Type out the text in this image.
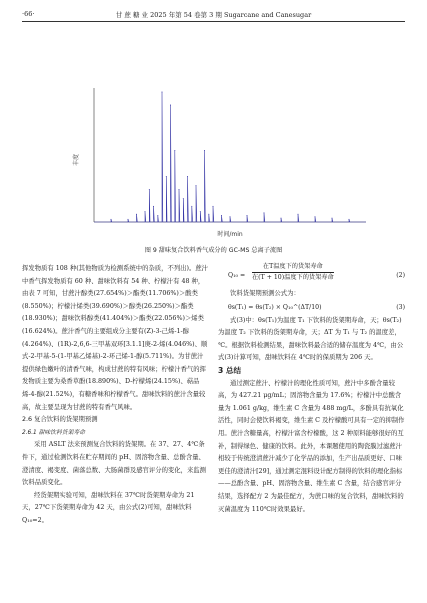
·66·	甘 蔗 糖 业 2025 年第 54 卷第 3 期 Sugarcane and Canesugar
丰度
时间/min
图 9 甜味复合饮料香气成分的 GC-MS 总离子流图

挥发物质有 108 种(其他物质为检测系统中的杂质，不列出)。蔗汁中香气挥发物质有 60 种、甜味饮料有 54 种、柠檬汁有 48 种，由表 7 可知，甘蔗汁醇类(27.654%)＞酯类(11.706%)＞酸类(8.550%)；柠檬汁烯类(39.690%)＞醇类(26.250%)＞酯类(18.930%)；甜味饮料醇类(41.404%)＞酯类(22.056%)＞烯类(16.624%)。蔗汁香气的主要组成分主要有(Z)-3-己烯-1-醇(4.264%)、(1R)-2,6,6-三甲基双环[3.1.1]庚-2-烯(4.046%)、顺式-2-甲基-5-(1-甲基乙烯基)-2-环己烯-1-醇(5.711%)。为甘蔗汁提供绿色嫩叶的清香气味，构成甘蔗的特有风味；柠檬汁香气的挥发物质主要为桑香草酚(18.890%)、D-柠檬烯(24.15%)、萜品烯-4-醇(21.52%)，有糖香味和柠檬香气。甜味饮料的蔗汁含量较高，故主要呈现为甘蔗的特有香气风味。

2.6 复合饮料的货架期预测

2.6.1 甜味饮料货架寿命

采用 ASLT 法来预测复合饮料的货架期。在 37、27、4℃条件下，通过检测饮料在贮存期间的 pH、固溶物含量、总酚含量、澄清度、褐变度、菌落总数、大肠菌群及感官评分的变化，来监测饮料品质变化。

经货架期实验可知，甜味饮料在 37℃时货架期寿命为 21 天，27℃下货架期寿命为 42 天，由公式(2)可知，甜味饮料 Q₁₀=2。

Q₁₀ =
在T温度下的货架寿命
在(T + 10)温度下的货架寿命	(2)

饮料货架期预测公式为：

θs(T₁) = θs(T₂) × Q₁₀^(ΔT/10)	(3)

式(3)中：θs(T₁)为温度 T₁ 下饮料的货架期寿命，天；θs(T₂)为温度 T₂ 下饮料的货架期寿命，天；ΔT 为 T₁ 与 T₂ 的温度差，℃。根据饮料检测结果，甜味饮料最合适的储存温度为 4℃，由公式(3)计算可知，甜味饮料在 4℃时的保质期为 206 天。

3 总结

通过测定蔗汁、柠檬汁的理化性质可知，蔗汁中多酚含量较高，为 427.21 μg/mL；固溶物含量为 17.6%；柠檬汁中总酸含量为 1.061 g/kg，维生素 C 含量为 488 mg/L，多酚具有抗氧化活性，同时会使饮料褐变，维生素 C 及柠檬酸可具有一定的抑制作用。蔗汁含糖量高，柠檬汁富含柠檬酸，这 2 种原料能够很好的互补，制得绿色、健康的饮料。此外，本课题使用的陶瓷膜过滤蔗汁相较于传统澄清蔗汁减少了化学品的添加，生产出品质更好、口味更佳的澄清汁[29]，通过测定混料设计配方制得的饮料的理化指标——总酚含量、pH、固溶物含量、维生素 C 含量，结合感官评分结果，选择配方 2 为最佳配方，为蔗口味的复合饮料，甜味饮料的灭菌温度为 110℃时效果最好。
